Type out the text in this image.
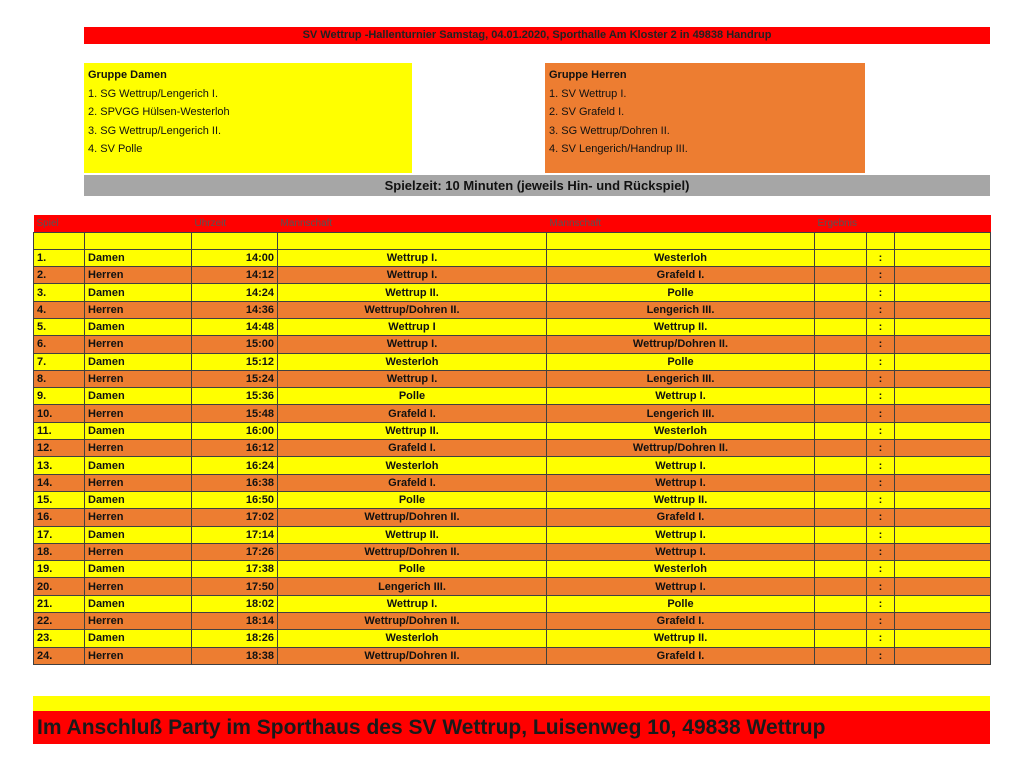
SV Wettrup -Hallenturnier Samstag, 04.01.2020, Sporthalle Am Kloster 2 in 49838 Handrup
Gruppe Damen
1. SG Wettrup/Lengerich I.
2. SPVGG Hülsen-Westerloh
3. SG Wettrup/Lengerich II.
4. SV Polle
Gruppe Herren
1. SV Wettrup I.
2. SV Grafeld I.
3. SG Wettrup/Dohren II.
4. SV Lengerich/Handrup III.
Spielzeit: 10 Minuten (jeweils Hin- und Rückspiel)
Spiel		Uhrzeit	Mannschaft	Mannschaft	Ergebnis		

1.	Damen	14:00	Wettrup I.	Westerloh		:	
2.	Herren	14:12	Wettrup I.	Grafeld I.		:	
3.	Damen	14:24	Wettrup II.	Polle		:	
4.	Herren	14:36	Wettrup/Dohren II.	Lengerich III.		:	
5.	Damen	14:48	Wettrup I	Wettrup II.		:	
6.	Herren	15:00	Wettrup I.	Wettrup/Dohren II.		:	
7.	Damen	15:12	Westerloh	Polle		:	
8.	Herren	15:24	Wettrup I.	Lengerich III.		:	
9.	Damen	15:36	Polle	Wettrup I.		:	
10.	Herren	15:48	Grafeld I.	Lengerich III.		:	
11.	Damen	16:00	Wettrup II.	Westerloh		:	
12.	Herren	16:12	Grafeld I.	Wettrup/Dohren II.		:	
13.	Damen	16:24	Westerloh	Wettrup I.		:	
14.	Herren	16:38	Grafeld I.	Wettrup I.		:	
15.	Damen	16:50	Polle	Wettrup II.		:	
16.	Herren	17:02	Wettrup/Dohren II.	Grafeld I.		:	
17.	Damen	17:14	Wettrup II.	Wettrup I.		:	
18.	Herren	17:26	Wettrup/Dohren II.	Wettrup I.		:	
19.	Damen	17:38	Polle	Westerloh		:	
20.	Herren	17:50	Lengerich III.	Wettrup I.		:	
21.	Damen	18:02	Wettrup I.	Polle		:	
22.	Herren	18:14	Wettrup/Dohren II.	Grafeld I.		:	
23.	Damen	18:26	Westerloh	Wettrup II.		:	
24.	Herren	18:38	Wettrup/Dohren II.	Grafeld I.		:	
Im Anschluß Party im Sporthaus des SV Wettrup, Luisenweg 10, 49838 Wettrup
